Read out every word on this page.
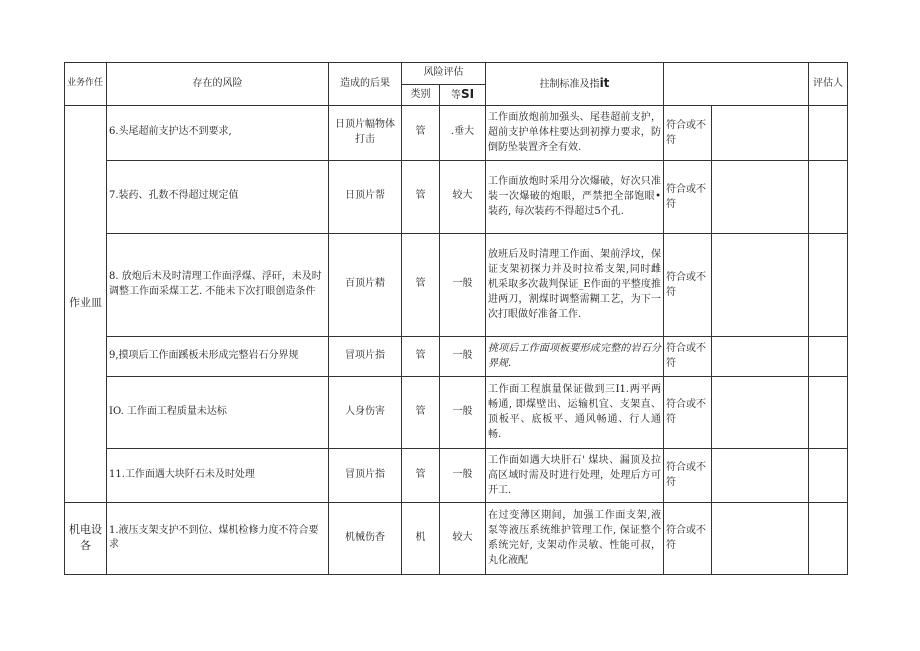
业务作任	存在的风险	造成的后果	风险评估		拄制标准及指it			评估人
			类别	等SI				
作业皿	6.头尾超前支护达不到要求,	日顶片幅物体打击	管	.垂大	工作面放炮前加强头、尾巷超前支护，超前支护单体柱要达到初撑力要求，防倒防坠装置齐全有效.	符合或不符		
	7.装药、孔数不得超过规定值	日顶片帮	管	较大	工作面放炮时采用分次爆破，好次只准装一次爆破的炮眼，严禁把全部饱眼•装药, 每次装药不得超过5个孔.	符合或不符		
	8. 放炮后未及时清理工作面浮煤、浮矸，未及时调整工作面采煤工艺. 不能未下次打眼创造条件	百顶片精	管	一般	放班后及时清理工作面、架前浮坟，保证支架初探力并及时拉希支架,同时雌机采取多次裁判保证_E作面的平整度推进两刀，割煤时调整需糊工艺，为下一次打眼做好准备工作.	符合或不符		
	9,摸项后工作面蹊板未形成完整岩石分界规	冒项片指	管	一般	挑项后工作面项板要形成完整的岩石分界规.	符合或不符		
	IO. 工作面工程质量未达标	人身伤害	管	一般	工作面工程旗量保证做到三I1.两平两畅通, 即煤壁出、运输机宜、支架直、顶板平、底板平、通风畅通、行人通畅.	符合或不符		
	11.工作面遇大块阡石未及时处理	冒顶片指	管	一般	工作面如遇大块肝石' 煤块、漏顶及拉高区域时需及时进行处理，处理后方可开工.	符合或不符		
机电设各	1.液压支架支护不到位、煤机检修力度不符合要求	机械伤杳	机	较大	在过变薄区期间，加强工作面支架,液泵等液压系统维护管理工作, 保证整个系统完好, 支架动作灵敏、性能可叔，丸化液配	符合或不符		
